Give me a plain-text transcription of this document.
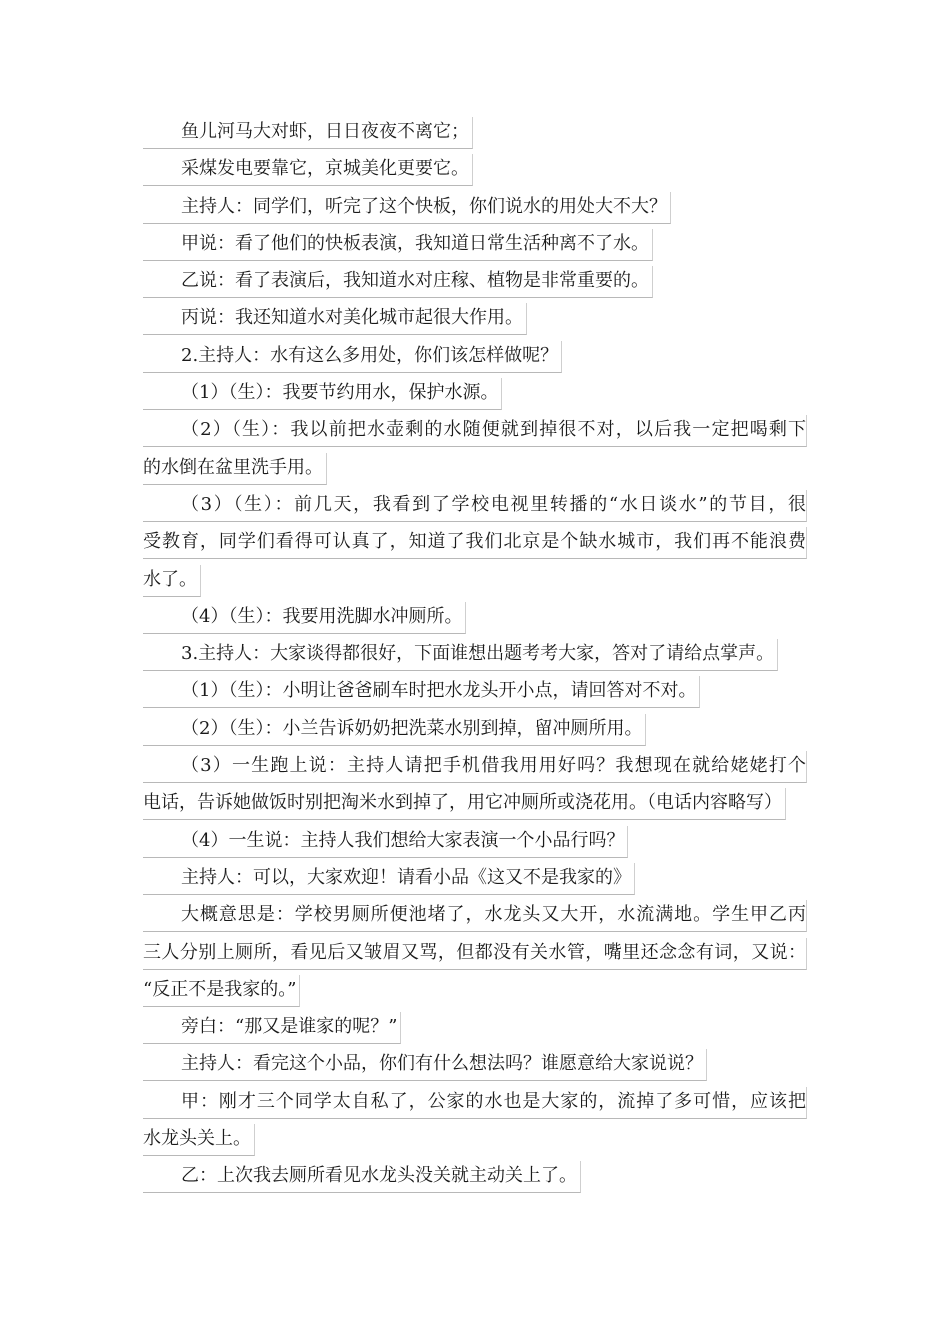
鱼儿河马大对虾，日日夜夜不离它；
采煤发电要靠它，京城美化更要它。
主持人：同学们，听完了这个快板，你们说水的用处大不大？
甲说：看了他们的快板表演，我知道日常生活种离不了水。
乙说：看了表演后，我知道水对庄稼、植物是非常重要的。
丙说：我还知道水对美化城市起很大作用。
2.主持人：水有这么多用处，你们该怎样做呢？
（1）（生）：我要节约用水，保护水源。
（2）（生）：我以前把水壶剩的水随便就到掉很不对，以后我一定把喝剩下
的水倒在盆里洗手用。
（3）（生）：前几天，我看到了学校电视里转播的“水日谈水”的节目，很
受教育，同学们看得可认真了，知道了我们北京是个缺水城市，我们再不能浪费
水了。
（4）（生）：我要用洗脚水冲厕所。
3.主持人：大家谈得都很好，下面谁想出题考考大家，答对了请给点掌声。
（1）（生）：小明让爸爸刷车时把水龙头开小点，请回答对不对。
（2）（生）：小兰告诉奶奶把洗菜水别到掉，留冲厕所用。
（3）一生跑上说：主持人请把手机借我用用好吗？我想现在就给姥姥打个
电话，告诉她做饭时别把淘米水到掉了，用它冲厕所或浇花用。（电话内容略写）
（4）一生说：主持人我们想给大家表演一个小品行吗？
主持人：可以，大家欢迎！请看小品《这又不是我家的》
大概意思是：学校男厕所便池堵了，水龙头又大开，水流满地。学生甲乙丙
三人分别上厕所，看见后又皱眉又骂，但都没有关水管，嘴里还念念有词，又说：
“反正不是我家的。”
旁白：“那又是谁家的呢？”
主持人：看完这个小品，你们有什么想法吗？谁愿意给大家说说？
甲：刚才三个同学太自私了，公家的水也是大家的，流掉了多可惜，应该把
水龙头关上。
乙：上次我去厕所看见水龙头没关就主动关上了。
